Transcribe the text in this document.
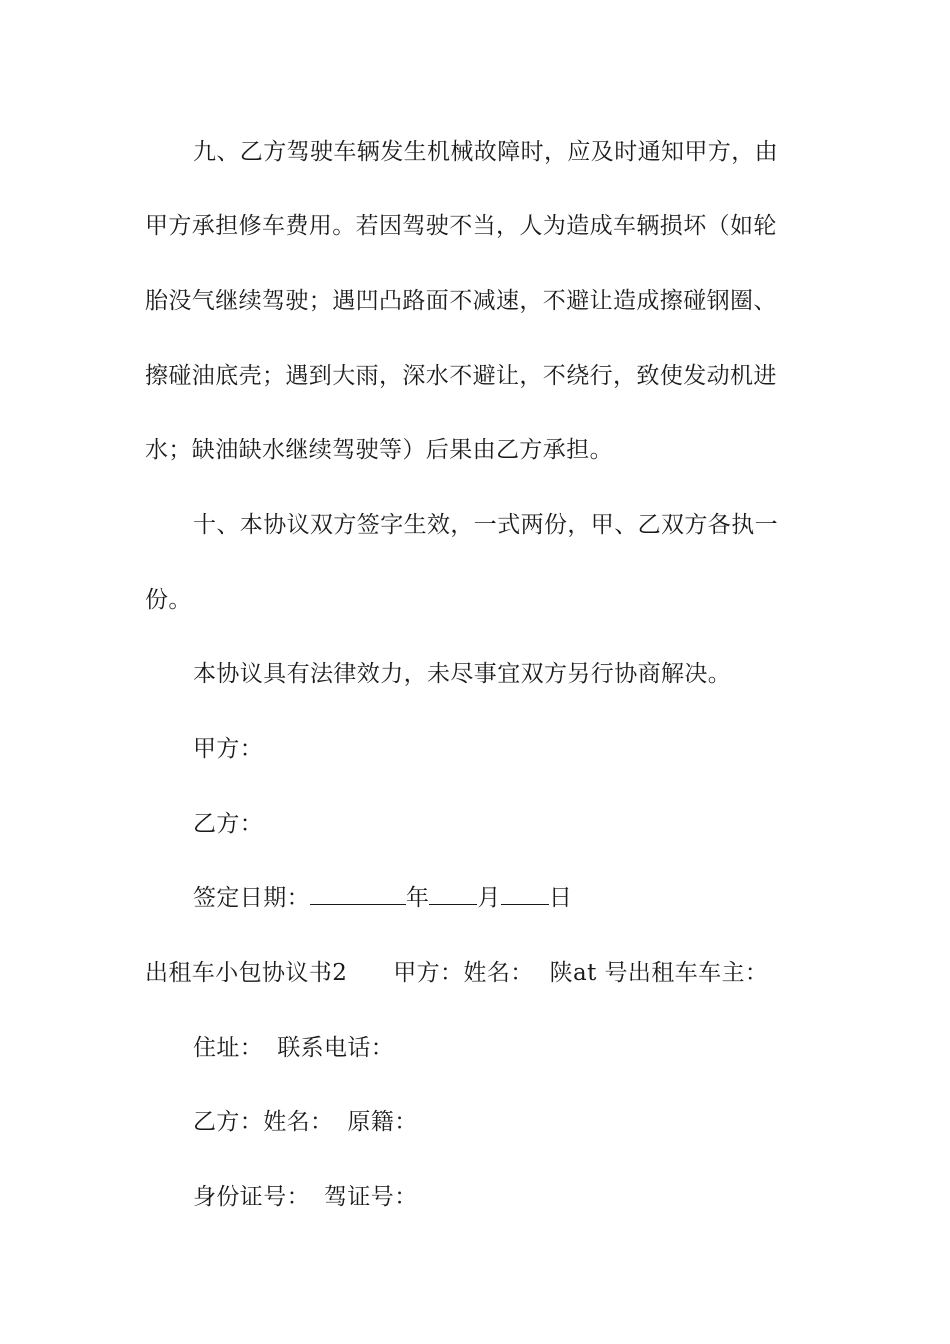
九、乙方驾驶车辆发生机械故障时，应及时通知甲方，由
甲方承担修车费用。若因驾驶不当，人为造成车辆损坏（如轮
胎没气继续驾驶；遇凹凸路面不减速，不避让造成擦碰钢圈、
擦碰油底壳；遇到大雨，深水不避让，不绕行，致使发动机进
水；缺油缺水继续驾驶等）后果由乙方承担。
十、本协议双方签字生效，一式两份，甲、乙双方各执一
份。
本协议具有法律效力，未尽事宜双方另行协商解决。
甲方：
乙方：
签定日期：	年 月 日
出租车小包协议书2 甲方：姓名： 陕at 号出租车车主：
住址： 联系电话：
乙方：姓名： 原籍：
身份证号： 驾证号：
